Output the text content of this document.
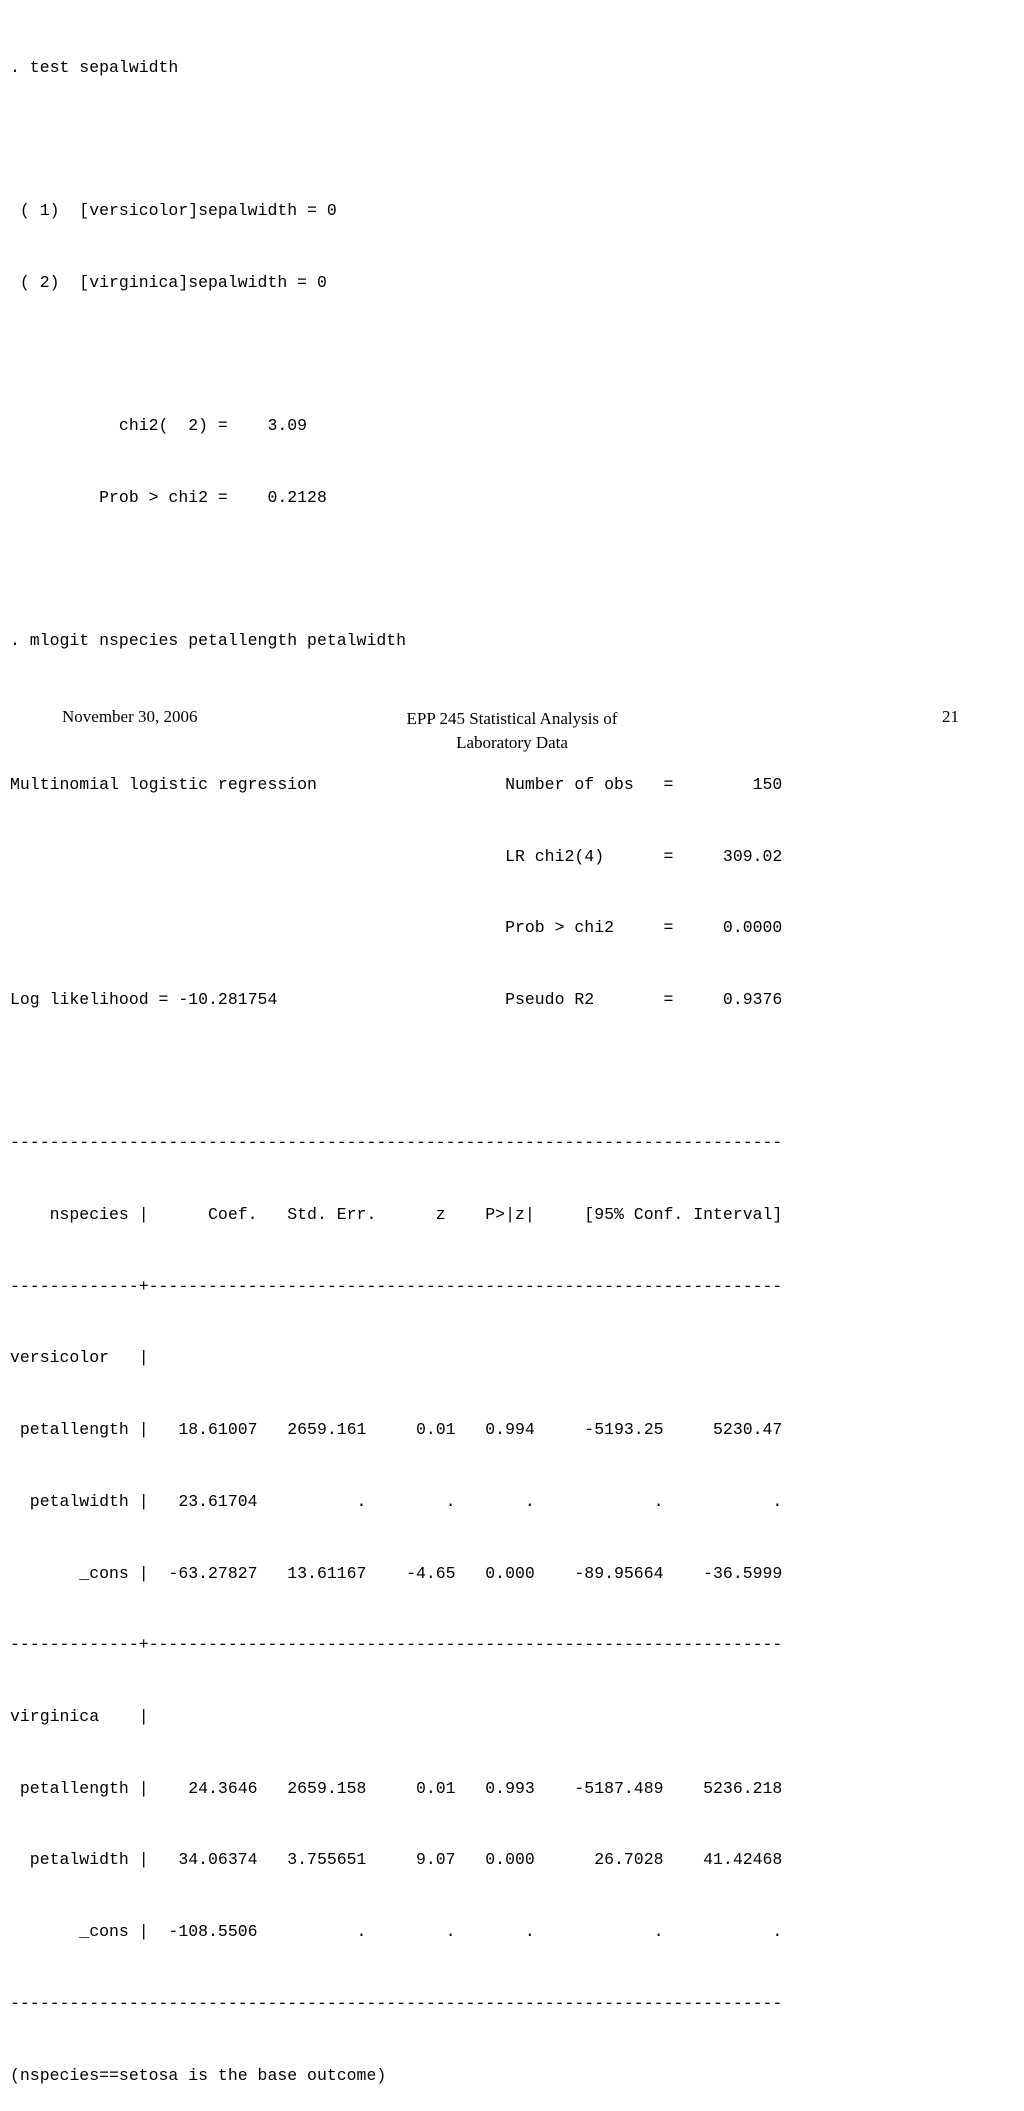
. test sepalwidth

( 1)  [versicolor]sepalwidth = 0

( 2)  [virginica]sepalwidth = 0

chi2(  2) =    3.09

Prob > chi2 =    0.2128

. mlogit nspecies petallength petalwidth

Multinomial logistic regression                   Number of obs   =        150

LR chi2(4)      =     309.02

Prob > chi2     =     0.0000

Log likelihood = -10.281754                       Pseudo R2       =     0.9376

------------------------------------------------------------------------------

nspecies |      Coef.   Std. Err.      z    P>|z|     [95% Conf. Interval]

-------------+----------------------------------------------------------------

versicolor   |

petallength |   18.61007   2659.161     0.01   0.994     -5193.25     5230.47

petalwidth |   23.61704          .        .       .            .           .

_cons |  -63.27827   13.61167    -4.65   0.000    -89.95664    -36.5999

-------------+----------------------------------------------------------------

virginica    |

petallength |    24.3646   2659.158     0.01   0.993    -5187.489    5236.218

petalwidth |   34.06374   3.755651     9.07   0.000      26.7028    41.42468

_cons |  -108.5506          .        .       .            .           .

------------------------------------------------------------------------------

(nspecies==setosa is the base outcome)

November 30, 2006	EPP 245 Statistical Analysis of
Laboratory Data
21
